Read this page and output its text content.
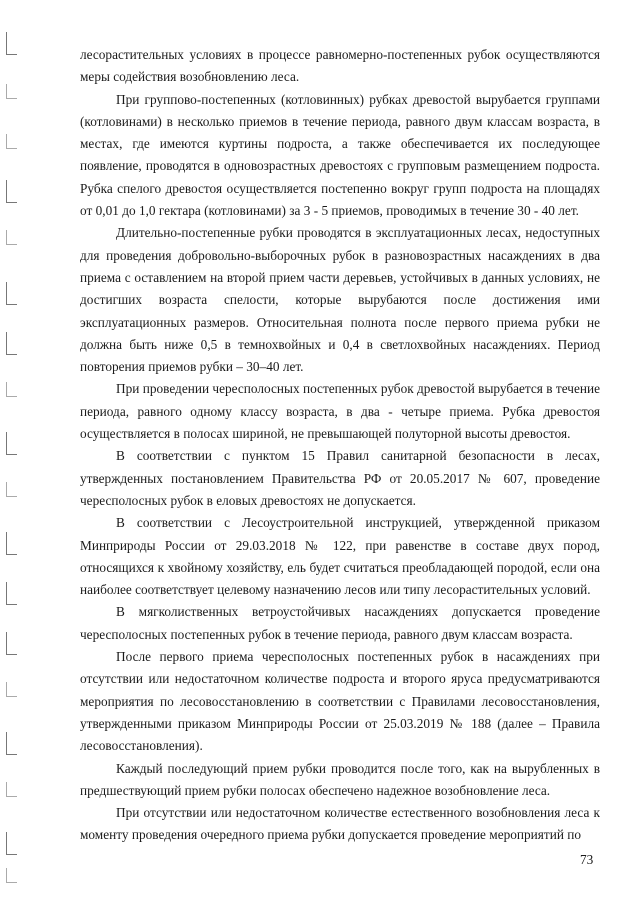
лесорастительных условиях в процессе равномерно-постепенных рубок осуществляются меры содействия возобновлению леса.

При группово-постепенных (котловинных) рубках древостой вырубается группами (котловинами) в несколько приемов в течение периода, равного двум классам возраста, в местах, где имеются куртины подроста, а также обеспечивается их последующее появление, проводятся в одновозрастных древостоях с групповым размещением подроста. Рубка спелого древостоя осуществляется постепенно вокруг групп подроста на площадях от 0,01 до 1,0 гектара (котловинами) за 3 - 5 приемов, проводимых в течение 30 - 40 лет.

Длительно-постепенные рубки проводятся в эксплуатационных лесах, недоступных для проведения добровольно-выборочных рубок в разновозрастных насаждениях в два приема с оставлением на второй прием части деревьев, устойчивых в данных условиях, не достигших возраста спелости, которые вырубаются после достижения ими эксплуатационных размеров. Относительная полнота после первого приема рубки не должна быть ниже 0,5 в темнохвойных и 0,4 в светлохвойных насаждениях. Период повторения приемов рубки – 30–40 лет.

При проведении чересполосных постепенных рубок древостой вырубается в течение периода, равного одному классу возраста, в два - четыре приема. Рубка древостоя осуществляется в полосах шириной, не превышающей полуторной высоты древостоя.

В соответствии с пунктом 15 Правил санитарной безопасности в лесах, утвержденных постановлением Правительства РФ от 20.05.2017 № 607, проведение чересполосных рубок в еловых древостоях не допускается.

В соответствии с Лесоустроительной инструкцией, утвержденной приказом Минприроды России от 29.03.2018 № 122, при равенстве в составе двух пород, относящихся к хвойному хозяйству, ель будет считаться преобладающей породой, если она наиболее соответствует целевому назначению лесов или типу лесорастительных условий.

В мягколиственных ветроустойчивых насаждениях допускается проведение чересполосных постепенных рубок в течение периода, равного двум классам возраста.

После первого приема чересполосных постепенных рубок в насаждениях при отсутствии или недостаточном количестве подроста и второго яруса предусматриваются мероприятия по лесовосстановлению в соответствии с Правилами лесовосстановления, утвержденными приказом Минприроды России от 25.03.2019 № 188 (далее – Правила лесовосстановления).

Каждый последующий прием рубки проводится после того, как на вырубленных в предшествующий прием рубки полосах обеспечено надежное возобновление леса.

При отсутствии или недостаточном количестве естественного возобновления леса к моменту проведения очередного приема рубки допускается проведение мероприятий по

73
